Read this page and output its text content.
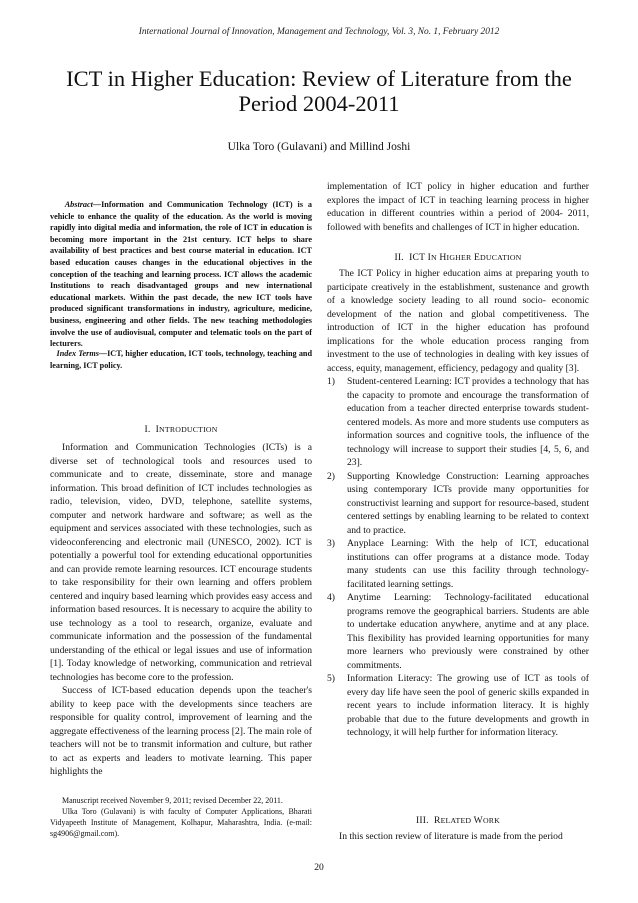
International Journal of Innovation, Management and Technology, Vol. 3, No. 1, February 2012
ICT in Higher Education: Review of Literature from the Period 2004-2011
Ulka Toro (Gulavani) and Millind Joshi
Abstract—Information and Communication Technology (ICT) is a vehicle to enhance the quality of the education. As the world is moving rapidly into digital media and information, the role of ICT in education is becoming more important in the 21st century. ICT helps to share availability of best practices and best course material in education. ICT based education causes changes in the educational objectives in the conception of the teaching and learning process. ICT allows the academic Institutions to reach disadvantaged groups and new international educational markets. Within the past decade, the new ICT tools have produced significant transformations in industry, agriculture, medicine, business, engineering and other fields. The new teaching methodologies involve the use of audiovisual, computer and telematic tools on the part of lecturers.
Index Terms—ICT, higher education, ICT tools, technology, teaching and learning, ICT policy.
I. INTRODUCTION

Information and Communication Technologies (ICTs) is a diverse set of technological tools and resources used to communicate and to create, disseminate, store and manage information. This broad definition of ICT includes technologies as radio, television, video, DVD, telephone, satellite systems, computer and network hardware and software; as well as the equipment and services associated with these technologies, such as videoconferencing and electronic mail (UNESCO, 2002). ICT is potentially a powerful tool for extending educational opportunities and can provide remote learning resources. ICT encourage students to take responsibility for their own learning and offers problem centered and inquiry based learning which provides easy access and information based resources. It is necessary to acquire the ability to use technology as a tool to research, organize, evaluate and communicate information and the possession of the fundamental understanding of the ethical or legal issues and use of information [1]. Today knowledge of networking, communication and retrieval technologies has become core to the profession.

Success of ICT-based education depends upon the teacher's ability to keep pace with the developments since teachers are responsible for quality control, improvement of learning and the aggregate effectiveness of the learning process [2]. The main role of teachers will not be to transmit information and culture, but rather to act as experts and leaders to motivate learning. This paper highlights the

Manuscript received November 9, 2011; revised December 22, 2011.

Ulka Toro (Gulavani) is with faculty of Computer Applications, Bharati Vidyapeeth Institute of Management, Kolhapur, Maharashtra, India. (e-mail: sg4906@gmail.com).

implementation of ICT policy in higher education and further explores the impact of ICT in teaching learning process in higher education in different countries within a period of 2004- 2011, followed with benefits and challenges of ICT in higher education.

II. ICT IN HIGHER EDUCATION

The ICT Policy in higher education aims at preparing youth to participate creatively in the establishment, sustenance and growth of a knowledge society leading to all round socio- economic development of the nation and global competitiveness. The introduction of ICT in the higher education has profound implications for the whole education process ranging from investment to the use of technologies in dealing with key issues of access, equity, management, efficiency, pedagogy and quality [3].

1) Student-centered Learning: ICT provides a technology that has the capacity to promote and encourage the transformation of education from a teacher directed enterprise towards student-centered models. As more and more students use computers as information sources and cognitive tools, the influence of the technology will increase to support their studies [4, 5, 6, and 23].
2) Supporting Knowledge Construction: Learning approaches using contemporary ICTs provide many opportunities for constructivist learning and support for resource-based, student centered settings by enabling learning to be related to context and to practice.
3) Anyplace Learning: With the help of ICT, educational institutions can offer programs at a distance mode. Today many students can use this facility through technology-facilitated learning settings.
4) Anytime Learning: Technology-facilitated educational programs remove the geographical barriers. Students are able to undertake education anywhere, anytime and at any place. This flexibility has provided learning opportunities for many more learners who previously were constrained by other commitments.
5) Information Literacy: The growing use of ICT as tools of every day life have seen the pool of generic skills expanded in recent years to include information literacy. It is highly probable that due to the future developments and growth in technology, it will help further for information literacy.
III. RELATED WORK

In this section review of literature is made from the period

20
